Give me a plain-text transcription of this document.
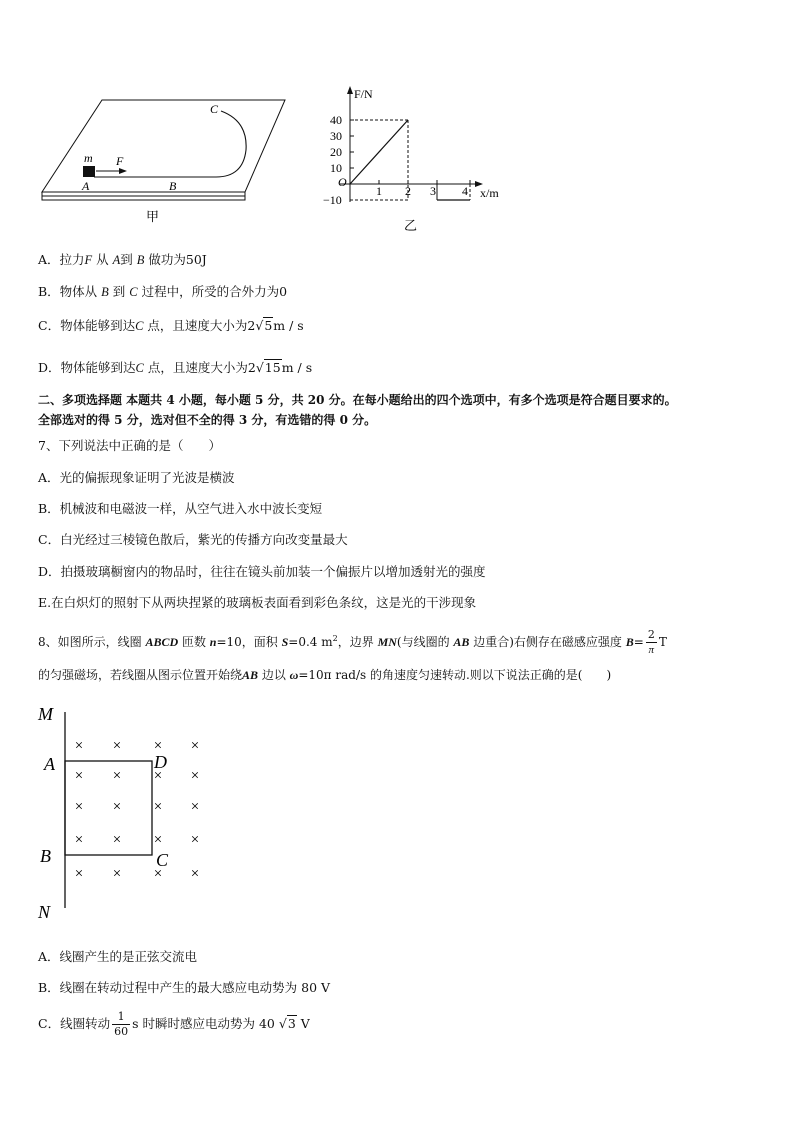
C
m F
A	B
甲
F/N
x/m
O
40
30
20
10
−10
1 2 3 4
乙
A．拉力F 从 A到 B 做功为50J
B．物体从 B 到 C 过程中，所受的合外力为0
C．物体能够到达C 点，且速度大小为2√5m / s
D．物体能够到达C 点，且速度大小为2√15m / s
二、多项选择题 本题共 4 小题，每小题 5 分，共 20 分。在每小题给出的四个选项中，有多个选项是符合题目要求的。
全部选对的得 5 分，选对但不全的得 3 分，有选错的得 0 分。
7、下列说法中正确的是（　　）
A．光的偏振现象证明了光波是横波
B．机械波和电磁波一样，从空气进入水中波长变短
C．白光经过三棱镜色散后，紫光的传播方向改变量最大
D．拍摄玻璃橱窗内的物品时，往往在镜头前加装一个偏振片以增加透射光的强度
E.在白炽灯的照射下从两块捏紧的玻璃板表面看到彩色条纹，这是光的干涉现象
8、如图所示，线圈 ABCD 匝数 n=10，面积 S=0.4 $m^2$，边界 MN(与线圈的 AB 边重合)右侧存在磁感应强度 $B= \frac{2}{\pi}$ T
的匀强磁场，若线圈从图示位置开始绕AB 边以 ω=10π rad/s 的角速度匀速转动.则以下说法正确的是(　　)
× × × ×
× × × ×
× × × ×
× × × ×
× × × ×
M
A	D
B	C
N
A．线圈产生的是正弦交流电
B．线圈在转动过程中产生的最大感应电动势为 80 V
C．线圈转动 $\frac{1}{60}$ s 时瞬时感应电动势为 40 √3 V
